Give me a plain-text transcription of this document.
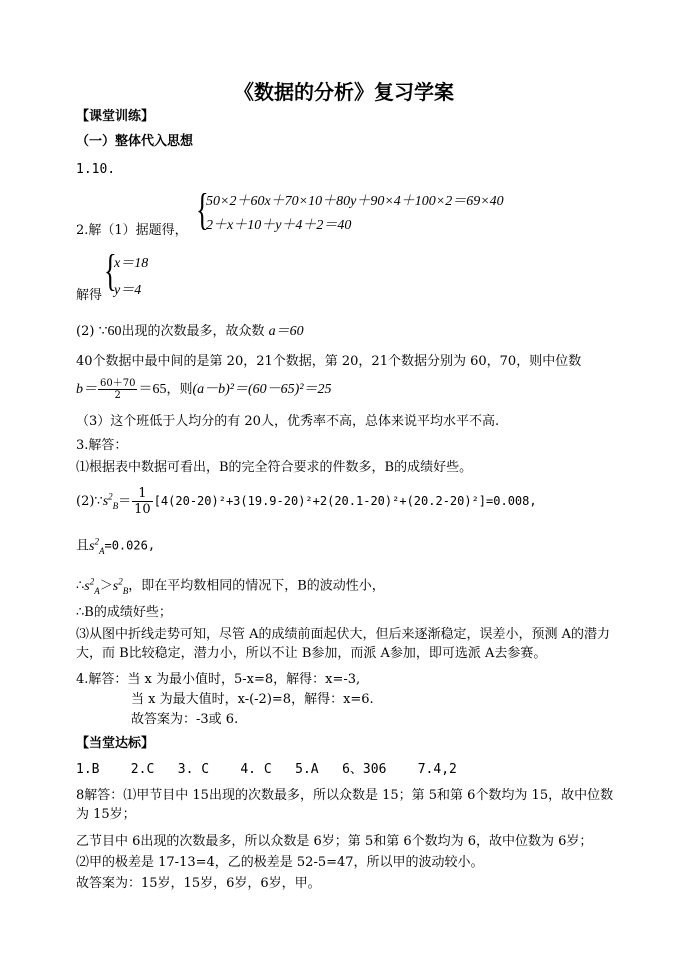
《数据的分析》复习学案
【课堂训练】
（一）整体代入思想
1.10.
2.解（1）据题得， {
50×2＋60x＋70×10＋80y＋90×4＋100×2＝69×40
2＋x＋10＋y＋4＋2＝40
解得
{
x＝18
y＝4
(2) ∵60出现的次数最多，故众数 a＝60
40个数据中最中间的是第 20，21个数据，第 20，21个数据分别为 60，70，则中位数
$b= \frac{60+70}{2} =65$，则(a－b)²＝(60－65)²＝25
（3）这个班低于人均分的有 20人，优秀率不高，总体来说平均水平不高.
3.解答：
⑴根据表中数据可看出，B的完全符合要求的件数多，B的成绩好些。
$(2)\because s^2_B= \frac{1}{10} [4(20-20)^2+3(19.9-20)^2+2(20.1-20)^2+(20.2-20)^2]=0.008$,
且$s^2_A=0.026$,
$\therefore s^2_A>s^2_B$，即在平均数相同的情况下，B的波动性小，
∴B的成绩好些；
⑶从图中折线走势可知，尽管 A的成绩前面起伏大，但后来逐渐稳定，误差小，预测 A的潜力大，而 B比较稳定，潜力小，所以不让 B参加，而派 A参加，即可选派 A去参赛。
4.解答：当 x 为最小值时，5-x=8，解得：x=-3,
当 x 为最大值时，x-(-2)=8，解得：x=6.
故答案为：-3或 6.
【当堂达标】
1.B    2.C   3. C    4. C   5.A   6、306    7.4,2
8解答：⑴甲节目中 15出现的次数最多，所以众数是 15；第 5和第 6个数均为 15，故中位数为 15岁；
乙节目中 6出现的次数最多，所以众数是 6岁；第 5和第 6个数均为 6，故中位数为 6岁；
⑵甲的极差是 17-13=4，乙的极差是 52-5=47，所以甲的波动较小。
故答案为：15岁，15岁，6岁，6岁，甲。
